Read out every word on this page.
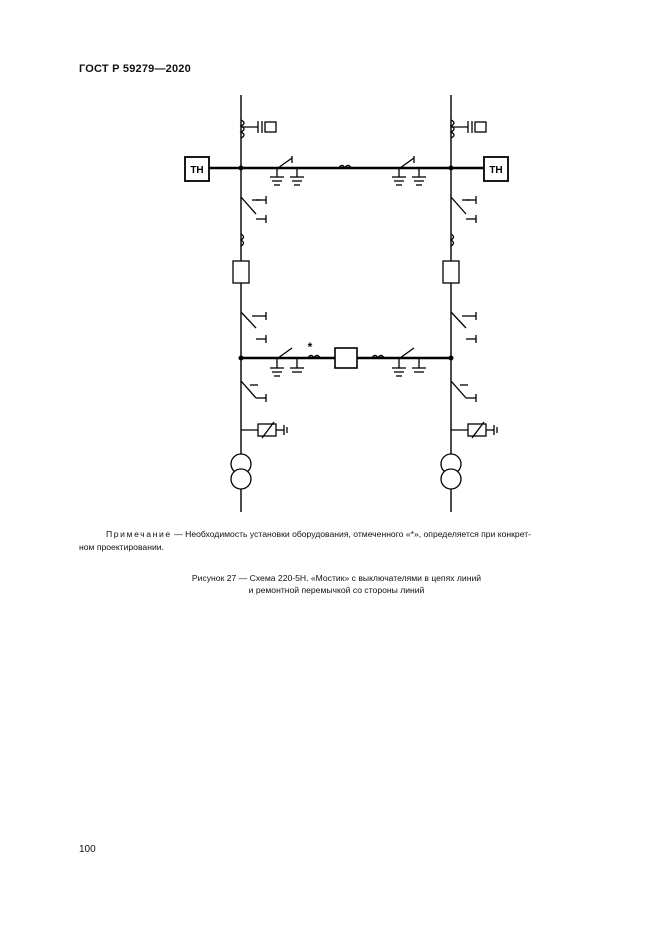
ГОСТ Р 59279—2020
ТН	ТН
*
Примечание — Необходимость установки оборудования, отмеченного «*», определяется при конкрет-
ном проектировании.
Рисунок 27 — Схема 220-5Н. «Мостик» с выключателями в цепях линий
и ремонтной перемычкой со стороны линий
100
